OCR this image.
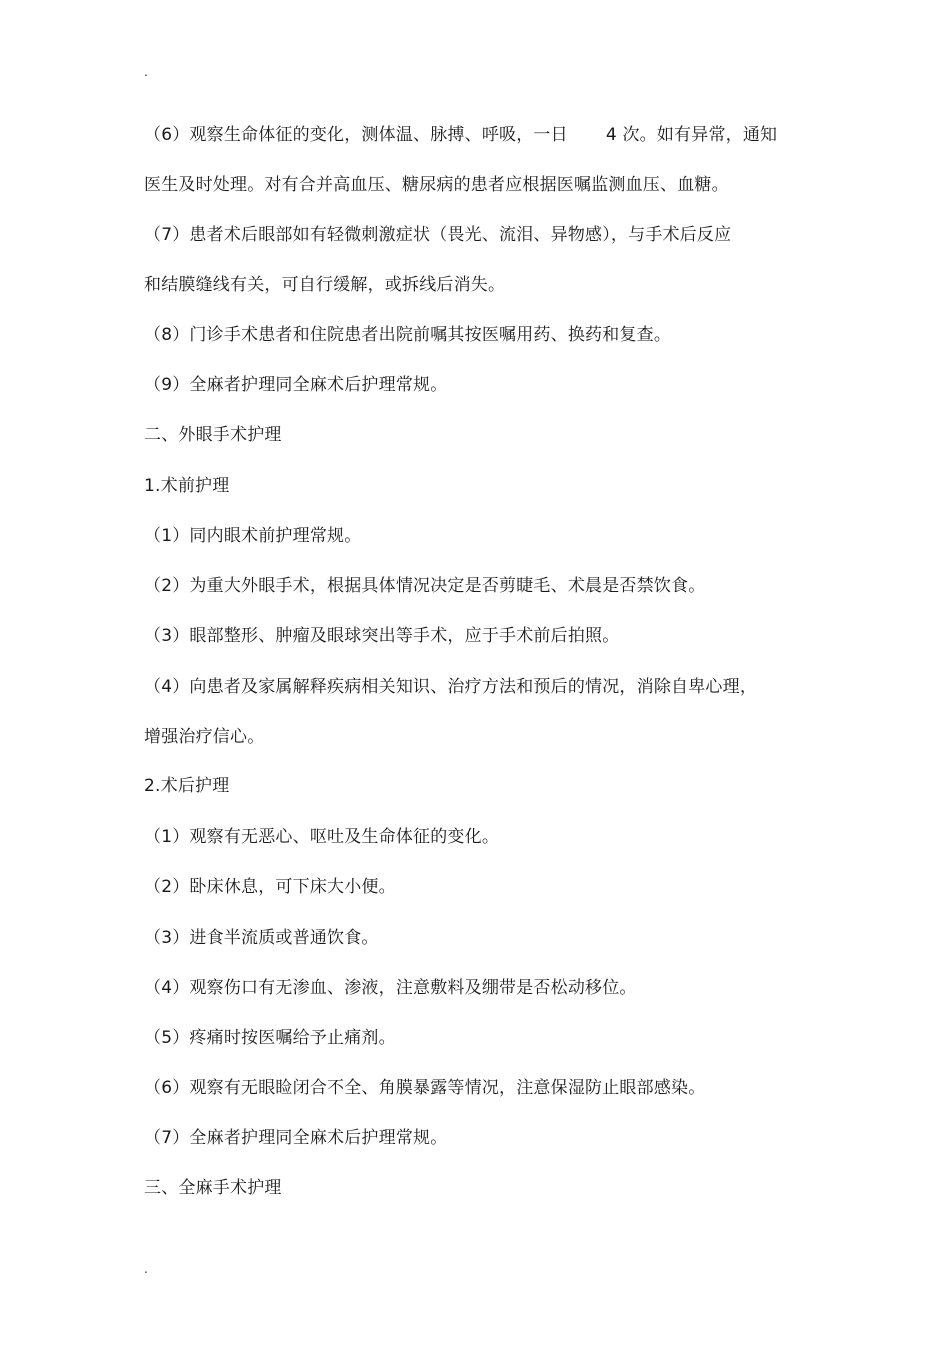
.
（6）观察生命体征的变化，测体温、脉搏、呼吸，一日 4 次。如有异常，通知
医生及时处理。对有合并高血压、糖尿病的患者应根据医嘱监测血压、血糖。
（7）患者术后眼部如有轻微刺激症状（畏光、流泪、异物感），与手术后反应
和结膜缝线有关，可自行缓解，或拆线后消失。
（8）门诊手术患者和住院患者出院前嘱其按医嘱用药、换药和复查。
（9）全麻者护理同全麻术后护理常规。
二、外眼手术护理
1.术前护理
（1）同内眼术前护理常规。
（2）为重大外眼手术，根据具体情况决定是否剪睫毛、术晨是否禁饮食。
（3）眼部整形、肿瘤及眼球突出等手术，应于手术前后拍照。
（4）向患者及家属解释疾病相关知识、治疗方法和预后的情况，消除自卑心理，
增强治疗信心。
2.术后护理
（1）观察有无恶心、呕吐及生命体征的变化。
（2）卧床休息，可下床大小便。
（3）进食半流质或普通饮食。
（4）观察伤口有无渗血、渗液，注意敷料及绷带是否松动移位。
（5）疼痛时按医嘱给予止痛剂。
（6）观察有无眼睑闭合不全、角膜暴露等情况，注意保湿防止眼部感染。
（7）全麻者护理同全麻术后护理常规。
三、全麻手术护理
.
